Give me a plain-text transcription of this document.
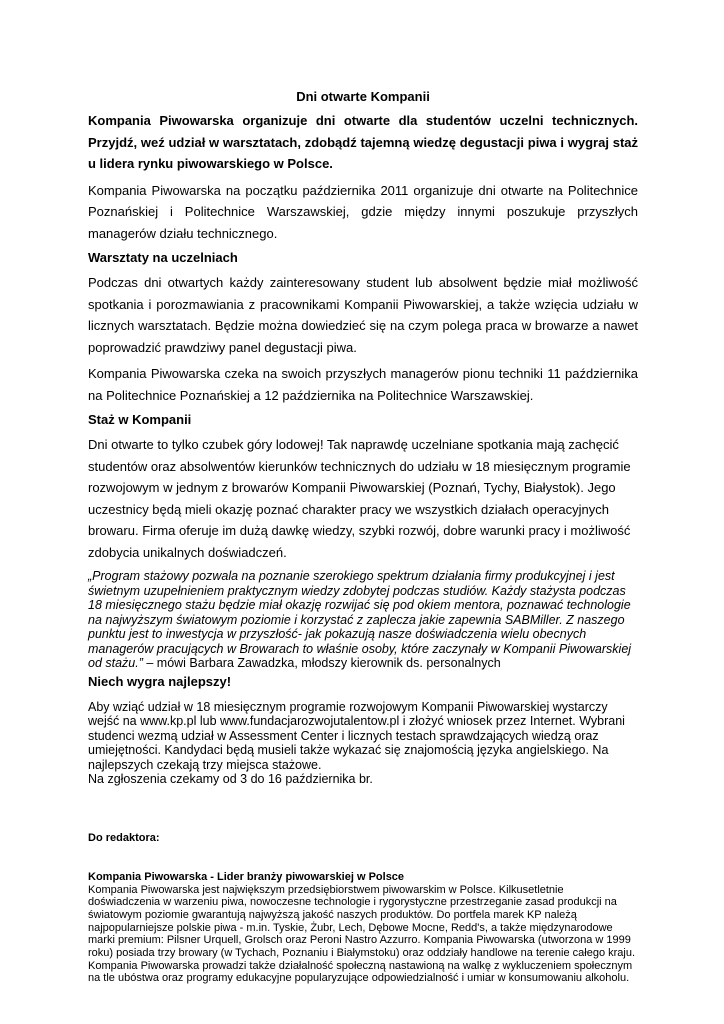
Dni otwarte Kompanii
Kompania Piwowarska organizuje dni otwarte dla studentów uczelni technicznych. Przyjdź, weź udział w warsztatach, zdobądź tajemną wiedzę degustacji piwa i wygraj staż u lidera rynku piwowarskiego w Polsce.
Kompania Piwowarska na początku października 2011 organizuje dni otwarte na Politechnice Poznańskiej i Politechnice Warszawskiej, gdzie między innymi poszukuje przyszłych managerów działu technicznego.
Warsztaty na uczelniach
Podczas dni otwartych każdy zainteresowany student lub absolwent będzie miał możliwość spotkania i porozmawiania z pracownikami Kompanii Piwowarskiej, a także wzięcia udziału w licznych warsztatach. Będzie można dowiedzieć się na czym polega praca w browarze a nawet poprowadzić prawdziwy panel degustacji piwa.
Kompania Piwowarska czeka na swoich przyszłych managerów pionu techniki 11 października na Politechnice Poznańskiej a 12 października na Politechnice Warszawskiej.
Staż w Kompanii
Dni otwarte to tylko czubek góry lodowej! Tak naprawdę uczelniane spotkania mają zachęcić studentów oraz absolwentów kierunków technicznych do udziału w 18 miesięcznym programie rozwojowym w jednym z browarów Kompanii Piwowarskiej (Poznań, Tychy, Białystok). Jego uczestnicy będą mieli okazję poznać charakter pracy we wszystkich działach operacyjnych browaru. Firma oferuje im dużą dawkę wiedzy, szybki rozwój, dobre warunki pracy i możliwość zdobycia unikalnych doświadczeń.
„Program stażowy pozwala na poznanie szerokiego spektrum działania firmy produkcyjnej i jest świetnym uzupełnieniem praktycznym wiedzy zdobytej podczas studiów. Każdy stażysta podczas 18 miesięcznego stażu będzie miał okazję rozwijać się pod okiem mentora, poznawać technologie na najwyższym światowym poziomie i korzystać z zaplecza jakie zapewnia SABMiller. Z naszego punktu jest to inwestycja w przyszłość- jak pokazują nasze doświadczenia wielu obecnych managerów pracujących w Browarach to właśnie osoby, które zaczynały w Kompanii Piwowarskiej od stażu.” – mówi Barbara Zawadzka, młodszy kierownik ds. personalnych
Niech wygra najlepszy!
Aby wziąć udział w 18 miesięcznym programie rozwojowym Kompanii Piwowarskiej wystarczy wejść na www.kp.pl lub www.fundacjarozwojutalentow.pl i złożyć wniosek przez Internet. Wybrani studenci wezmą udział w Assessment Center i licznych testach sprawdzających wiedzą oraz umiejętności. Kandydaci będą musieli także wykazać się znajomością języka angielskiego. Na najlepszych czekają trzy miejsca stażowe.
Na zgłoszenia czekamy od 3 do 16 października br.
Do redaktora:
Kompania Piwowarska - Lider branży piwowarskiej w Polsce
Kompania Piwowarska jest największym przedsiębiorstwem piwowarskim w Polsce. Kilkusetletnie doświadczenia w warzeniu piwa, nowoczesne technologie i rygorystyczne przestrzeganie zasad produkcji na światowym poziomie gwarantują najwyższą jakość naszych produktów. Do portfela marek KP należą najpopularniejsze polskie piwa - m.in. Tyskie, Żubr, Lech, Dębowe Mocne, Redd's, a także międzynarodowe marki premium: Pilsner Urquell, Grolsch oraz Peroni Nastro Azzurro. Kompania Piwowarska (utworzona w 1999 roku) posiada trzy browary (w Tychach, Poznaniu i Białymstoku) oraz oddziały handlowe na terenie całego kraju. Kompania Piwowarska prowadzi także działalność społeczną nastawioną na walkę z wykluczeniem społecznym na tle ubóstwa oraz programy edukacyjne popularyzujące odpowiedzialność i umiar w konsumowaniu alkoholu.
